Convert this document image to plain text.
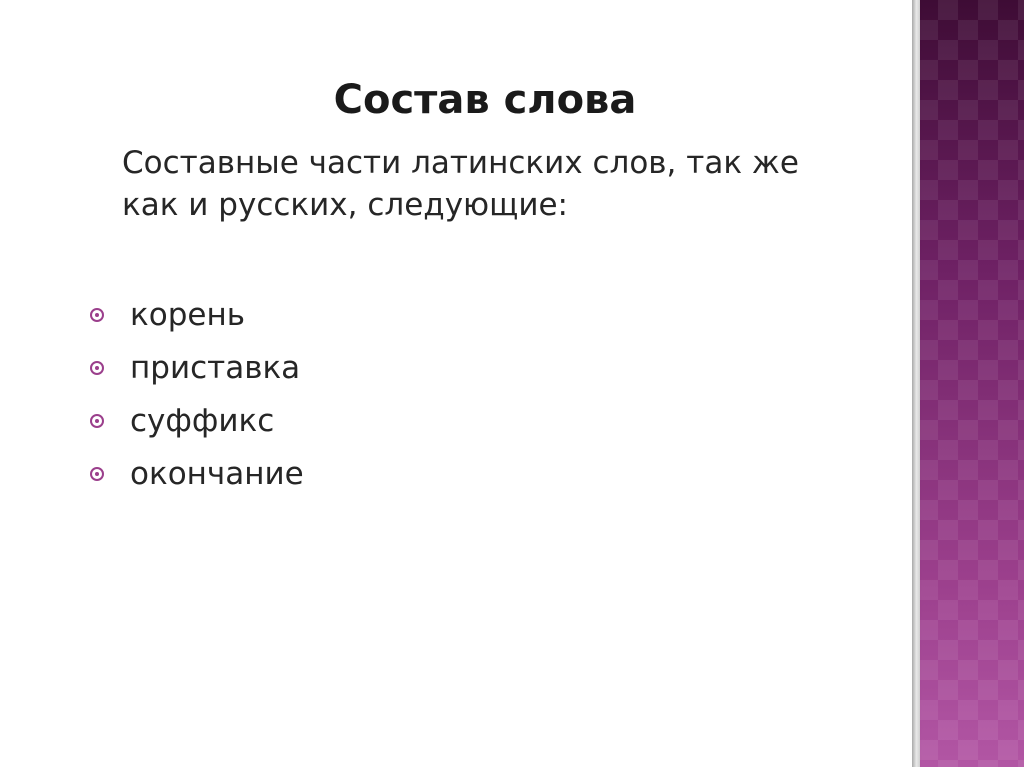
Состав слова

Составные части латинских слов, так же как и русских, следующие:

корень
приставка
суффикс
окончание
